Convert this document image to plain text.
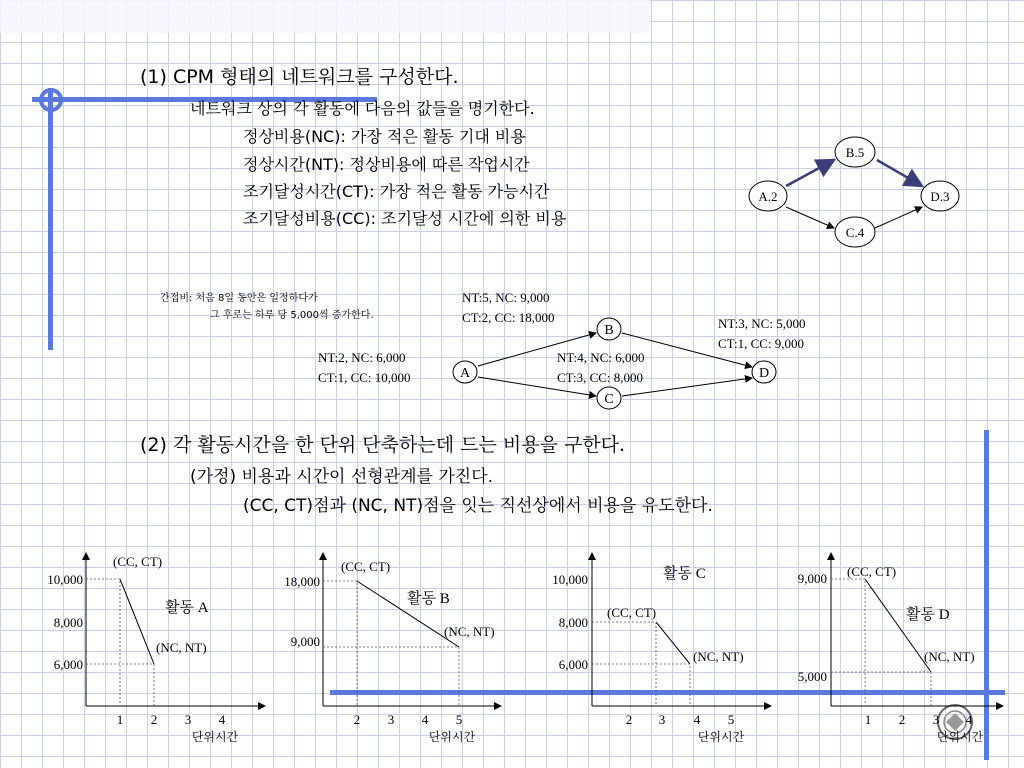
(1) CPM 형태의 네트워크를 구성한다.
네트워크 상의 각 활동에 다음의 값들을 명기한다.
정상비용(NC): 가장 적은 활동 기대 비용
정상시간(NT): 정상비용에 따른 작업시간
조기달성시간(CT): 가장 적은 활동 가능시간
조기달성비용(CC): 조기달성 시간에 의한 비용
A.2
B.5
C.4
D.3
간접비: 처음 8일 동안은 일정하다가
그 후로는 하루 당 5,000씩 증가한다.
A
B
C
D
NT:2, NC: 6,000
CT:1, CC: 10,000
NT:5, NC: 9,000
CT:2, CC: 18,000
NT:4, NC: 6,000
CT:3, CC: 8,000
NT:3, NC: 5,000
CT:1, CC: 9,000
(2) 각 활동시간을 한 단위 단축하는데 드는 비용을 구한다.
(가정) 비용과 시간이 선형관계를 가진다.
(CC, CT)점과 (NC, NT)점을 잇는 직선상에서 비용을 유도한다.
10,000
8,000
6,000
1 2 3 4
(CC, CT)
(NC, NT)
활동 A
단위시간
18,000
9,000
2 3 4 5
(CC, CT)
(NC, NT)
활동 B
단위시간
10,000
8,000
6,000
2 3 4 5
(CC, CT)
(NC, NT)
활동 C
단위시간
9,000
5,000
1 2 3 4
(CC, CT)
(NC, NT)
활동 D
단위시간
